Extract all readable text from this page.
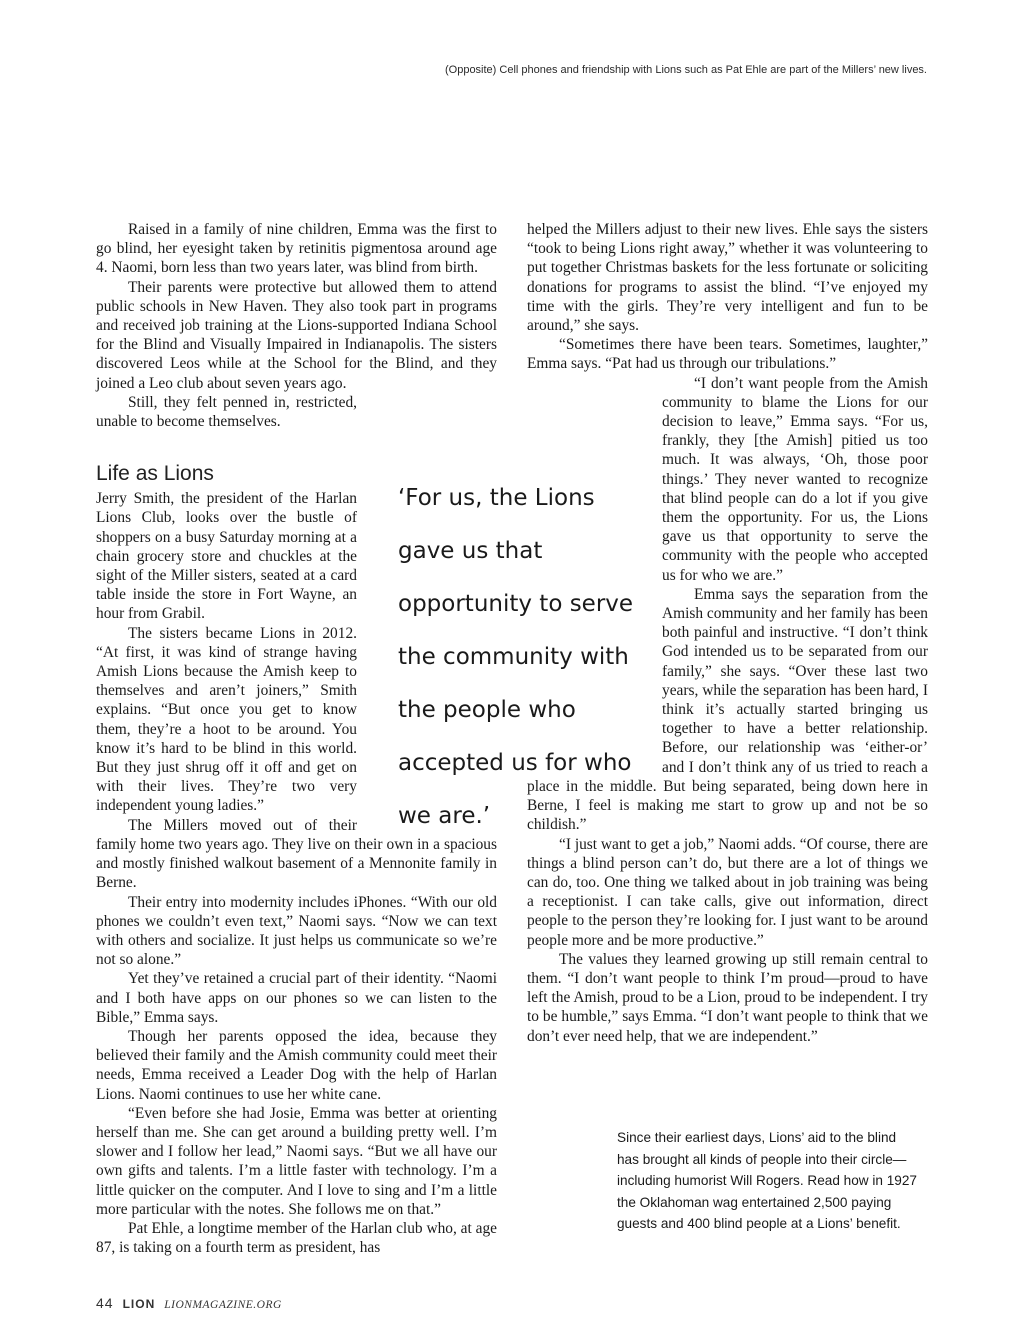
(Opposite) Cell phones and friendship with Lions such as Pat Ehle are part of the Millers’ new lives.

Raised in a family of nine children, Emma was the first to go blind, her eyesight taken by retinitis pigmentosa around age 4. Naomi, born less than two years later, was blind from birth.

Their parents were protective but allowed them to attend public schools in New Haven. They also took part in programs and received job training at the Lions-supported Indiana School for the Blind and Visually Impaired in Indianapolis. The sisters discovered Leos while at the School for the Blind, and they joined a Leo club about seven years ago.

Still, they felt penned in, restricted, unable to become themselves.

Life as Lions

Jerry Smith, the president of the Harlan Lions Club, looks over the bustle of shoppers on a busy Saturday morning at a chain grocery store and chuckles at the sight of the Miller sisters, seated at a card table inside the store in Fort Wayne, an hour from Grabil.

The sisters became Lions in 2012. “At first, it was kind of strange having Amish Lions because the Amish keep to themselves and aren’t joiners,” Smith explains. “But once you get to know them, they’re a hoot to be around. You know it’s hard to be blind in this world. But they just shrug off it off and get on with their lives. They’re two very independent young ladies.”

The Millers moved out of their family home two years ago. They live on their own in a spacious and mostly finished walkout basement of a Mennonite family in Berne.

Their entry into modernity includes iPhones. “With our old phones we couldn’t even text,” Naomi says. “Now we can text with others and socialize. It just helps us communicate so we’re not so alone.”

Yet they’ve retained a crucial part of their identity. “Naomi and I both have apps on our phones so we can listen to the Bible,” Emma says.

Though her parents opposed the idea, because they believed their family and the Amish community could meet their needs, Emma received a Leader Dog with the help of Harlan Lions. Naomi continues to use her white cane.

“Even before she had Josie, Emma was better at orienting herself than me. She can get around a building pretty well. I’m slower and I follow her lead,” Naomi says. “But we all have our own gifts and talents. I’m a little faster with technology. I’m a little quicker on the computer. And I love to sing and I’m a little more particular with the notes. She follows me on that.”

Pat Ehle, a longtime member of the Harlan club who, at age 87, is taking on a fourth term as president, has

helped the Millers adjust to their new lives. Ehle says the sisters “took to being Lions right away,” whether it was volunteering to put together Christmas baskets for the less fortunate or soliciting donations for programs to assist the blind. “I’ve enjoyed my time with the girls. They’re very intelligent and fun to be around,” she says.

“Sometimes there have been tears. Sometimes, laughter,” Emma says. “Pat had us through our tribulations.”

“I don’t want people from the Amish community to blame the Lions for our decision to leave,” Emma says. “For us, frankly, they [the Amish] pitied us too much. It was always, ‘Oh, those poor things.’ They never wanted to recognize that blind people can do a lot if you give them the opportunity. For us, the Lions gave us that opportunity to serve the community with the people who accepted us for who we are.”

Emma says the separation from the Amish community and her family has been both painful and instructive. “I don’t think God intended us to be separated from our family,” she says. “Over these last two years, while the separation has been hard, I think it’s actually started bringing us together to have a better relationship. Before, our relationship was ‘either-or’ and I don’t think any of us tried to reach a place in the middle. But being separated, being down here in Berne, I feel is making me start to grow up and not be so childish.”

“I just want to get a job,” Naomi adds. “Of course, there are things a blind person can’t do, but there are a lot of things we can do, too. One thing we talked about in job training was being a receptionist. I can take calls, give out information, direct people to the person they’re looking for. I just want to be around people more and be more productive.”

The values they learned growing up still remain central to them. “I don’t want people to think I’m proud—proud to have left the Amish, proud to be a Lion, proud to be independent. I try to be humble,” says Emma. “I don’t want people to think that we don’t ever need help, that we are independent.”

‘For us, the Lions gave us that opportunity to serve the community with the people who accepted us for who we are.’
Since their earliest days, Lions’ aid to the blind has brought all kinds of people into their circle—including humorist Will Rogers. Read how in 1927 the Oklahoman wag entertained 2,500 paying guests and 400 blind people at a Lions’ benefit.
44 LION LIONMAGAZINE.ORG
